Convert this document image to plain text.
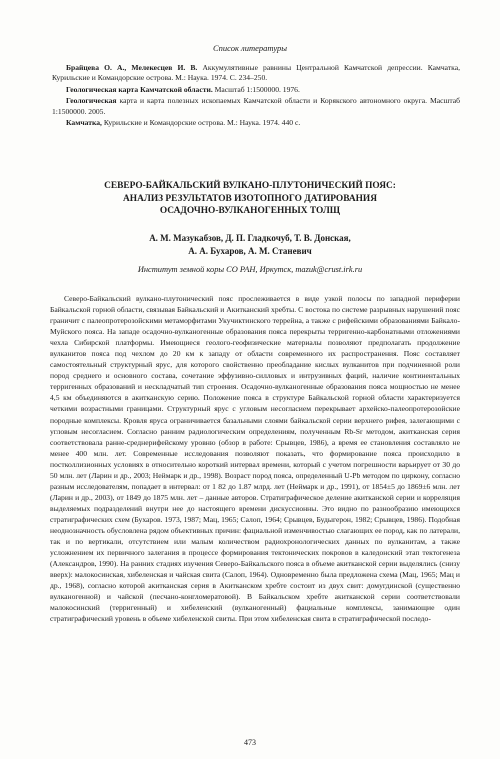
Список литературы

Брайцева О. А., Мелекесцев И. В. Аккумулятивные равнины Центральной Камчатской депрессии. Камчатка, Курильские и Командорские острова. М.: Наука. 1974. С. 234–250.

Геологическая карта Камчатской области. Масштаб 1:1500000. 1976.

Геологическая карта и карта полезных ископаемых Камчатской области и Корякского автономного округа. Масштаб 1:1500000. 2005.

Камчатка, Курильские и Командорские острова. М.: Наука. 1974. 440 с.

СЕВЕРО-БАЙКАЛЬСКИЙ ВУЛКАНО-ПЛУТОНИЧЕСКИЙ ПОЯС:
АНАЛИЗ РЕЗУЛЬТАТОВ ИЗОТОПНОГО ДАТИРОВАНИЯ
ОСАДОЧНО-ВУЛКАНОГЕННЫХ ТОЛЩ
А. М. Мазукабзов, Д. П. Гладкочуб, Т. В. Донская,
А. А. Бухаров, А. М. Станевич
Институт земной коры СО РАН, Иркутск, mazuk@crust.irk.ru

Северо-Байкальский вулкано-плутонический пояс прослеживается в виде узкой полосы по западной периферии Байкальской горной области, связывая Байкальский и Акитканский хребты. С востока по системе разрывных нарушений пояс граничит с палеопротерозойскими метаморфитами Укучиктинского террейна, а также с рифейскими образованиями Байкало-Муйского пояса. На западе осадочно-вулканогенные образования пояса перекрыты терригенно-карбонатными отложениями чехла Сибирской платформы. Имеющиеся геолого-геофизические материалы позволяют предполагать продолжение вулканитов пояса под чехлом до 20 км к западу от области современного их распространения. Пояс составляет самостоятельный структурный ярус, для которого свойственно преобладание кислых вулканитов при подчиненной роли пород среднего и основного состава, сочетание эффузивно-силловых и интрузивных фаций, наличие континентальных терригенных образований и нескладчатый тип строения. Осадочно-вулканогенные образования пояса мощностью не менее 4,5 км объединяются в акитканскую серию. Положение пояса в структуре Байкальской горной области характеризуется четкими возрастными границами. Структурный ярус с угловым несогласием перекрывает архейско-палеопротерозойские породные комплексы. Кровля яруса ограничивается базальными слоями байкальской серии верхнего рифея, залегающими с угловым несогласием. Согласно ранним радиологическим определениям, полученным Rb-Sr методом, акитканская серия соответствовала ранне-среднерифейскому уровню (обзор в работе: Срывцев, 1986), а время ее становления составляло не менее 400 млн. лет. Современные исследования позволяют показать, что формирование пояса происходило в постколлизионных условиях в относительно короткий интервал времени, который с учетом погрешности варьирует от 30 до 50 млн. лет (Ларин и др., 2003; Неймарк и др., 1998). Возраст пород пояса, определенный U-Pb методом по циркону, согласно разным исследователям, попадает в интервал: от 1 82 до 1.87 млрд. лет (Неймарк и др., 1991), от 1854±5 до 1869±6 млн. лет (Ларин и др., 2003), от 1849 до 1875 млн. лет – данные авторов. Стратиграфическое деление акитканской серии и корреляция выделяемых подразделений внутри нее до настоящего времени дискуссионны. Это видно по разнообразию имеющихся стратиграфических схем (Бухаров. 1973, 1987; Мац, 1965; Салоп, 1964; Срывцев, Будыгерон, 1982; Срывцев, 1986). Подобная неоднозначность обусловлена рядом объективных причин: фациальной изменчивостью слагающих ее пород, как по латерали, так и по вертикали, отсутствием или малым количеством радиохронологических данных по вулканитам, а также усложнением их первичного залегания в процессе формирования тектонических покровов в каледонский этап тектогенеза (Александров, 1990). На ранних стадиях изучения Северо-Байкальского пояса в объеме акитканской серии выделялись (снизу вверх): малокосинская, хибеленская и чайская свита (Салоп, 1964). Одновременно была предложена схема (Мац, 1965; Мац и др., 1968), согласно которой акитканская серия в Акитканском хребте состоит из двух свит: домугдинской (существенно вулканогенной) и чайской (песчано-конгломератовой). В Байкальском хребте акитканской серии соответствовали малокосинский (терригенный) и хибеленский (вулканогенный) фациальные комплексы, занимающие один стратиграфический уровень в объеме хибеленской свиты. При этом хибеленская свита в стратиграфической последо-

473
